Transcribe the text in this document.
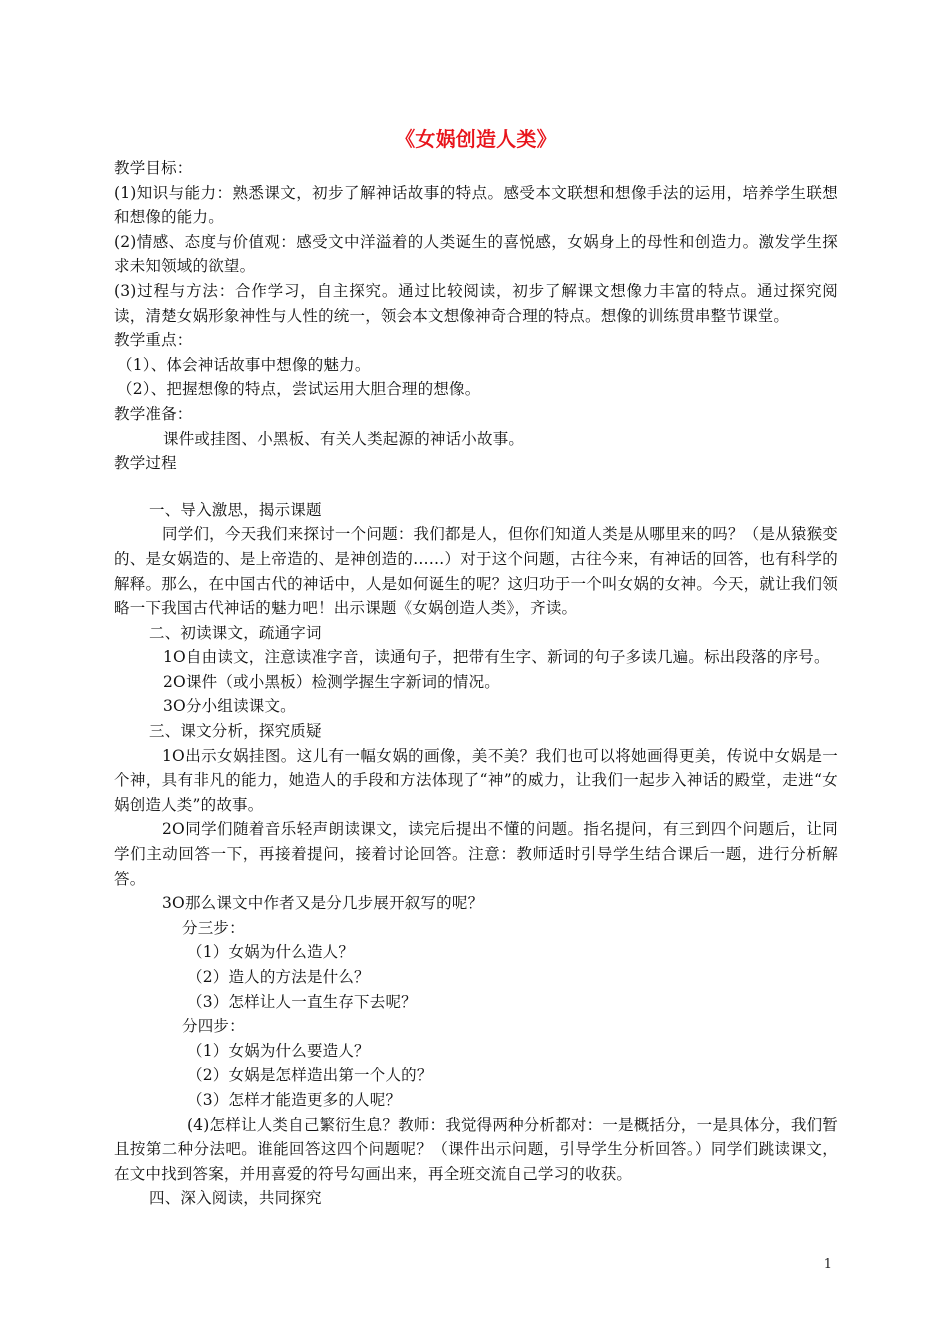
《女娲创造人类》

教学目标：

(1)知识与能力：熟悉课文，初步了解神话故事的特点。感受本文联想和想像手法的运用，培养学生联想和想像的能力。

(2)情感、态度与价值观：感受文中洋溢着的人类诞生的喜悦感，女娲身上的母性和创造力。激发学生探求未知领域的欲望。

(3)过程与方法：合作学习，自主探究。通过比较阅读，初步了解课文想像力丰富的特点。通过探究阅读，清楚女娲形象神性与人性的统一，领会本文想像神奇合理的特点。想像的训练贯串整节课堂。

教学重点：

（1）、体会神话故事中想像的魅力。

（2）、把握想像的特点，尝试运用大胆合理的想像。

教学准备：

课件或挂图、小黑板、有关人类起源的神话小故事。

教学过程

一、导入激思，揭示课题

同学们，今天我们来探讨一个问题：我们都是人，但你们知道人类是从哪里来的吗？（是从猿猴变的、是女娲造的、是上帝造的、是神创造的……）对于这个问题，古往今来，有神话的回答，也有科学的解释。那么，在中国古代的神话中，人是如何诞生的呢？这归功于一个叫女娲的女神。今天，就让我们领略一下我国古代神话的魅力吧！出示课题《女娲创造人类》，齐读。

二、初读课文，疏通字词

1O自由读文，注意读准字音，读通句子，把带有生字、新词的句子多读几遍。标出段落的序号。

2O课件（或小黑板）检测学握生字新词的情况。

3O分小组读课文。

三、课文分析，探究质疑

1O出示女娲挂图。这儿有一幅女娲的画像，美不美？我们也可以将她画得更美，传说中女娲是一个神，具有非凡的能力，她造人的手段和方法体现了“神”的威力，让我们一起步入神话的殿堂，走进“女娲创造人类”的故事。

2O同学们随着音乐轻声朗读课文，读完后提出不懂的问题。指名提问，有三到四个问题后，让同学们主动回答一下，再接着提问，接着讨论回答。注意：教师适时引导学生结合课后一题，进行分析解答。

3O那么课文中作者又是分几步展开叙写的呢？

分三步：

（1）女娲为什么造人？

（2）造人的方法是什么？

（3）怎样让人一直生存下去呢？

分四步：

（1）女娲为什么要造人？

（2）女娲是怎样造出第一个人的？

（3）怎样才能造更多的人呢？

(4)怎样让人类自己繁衍生息？教师：我觉得两种分析都对：一是概括分，一是具体分，我们暂且按第二种分法吧。谁能回答这四个问题呢？（课件出示问题，引导学生分析回答。）同学们跳读课文，在文中找到答案，并用喜爱的符号勾画出来，再全班交流自己学习的收获。

四、深入阅读，共同探究

1
